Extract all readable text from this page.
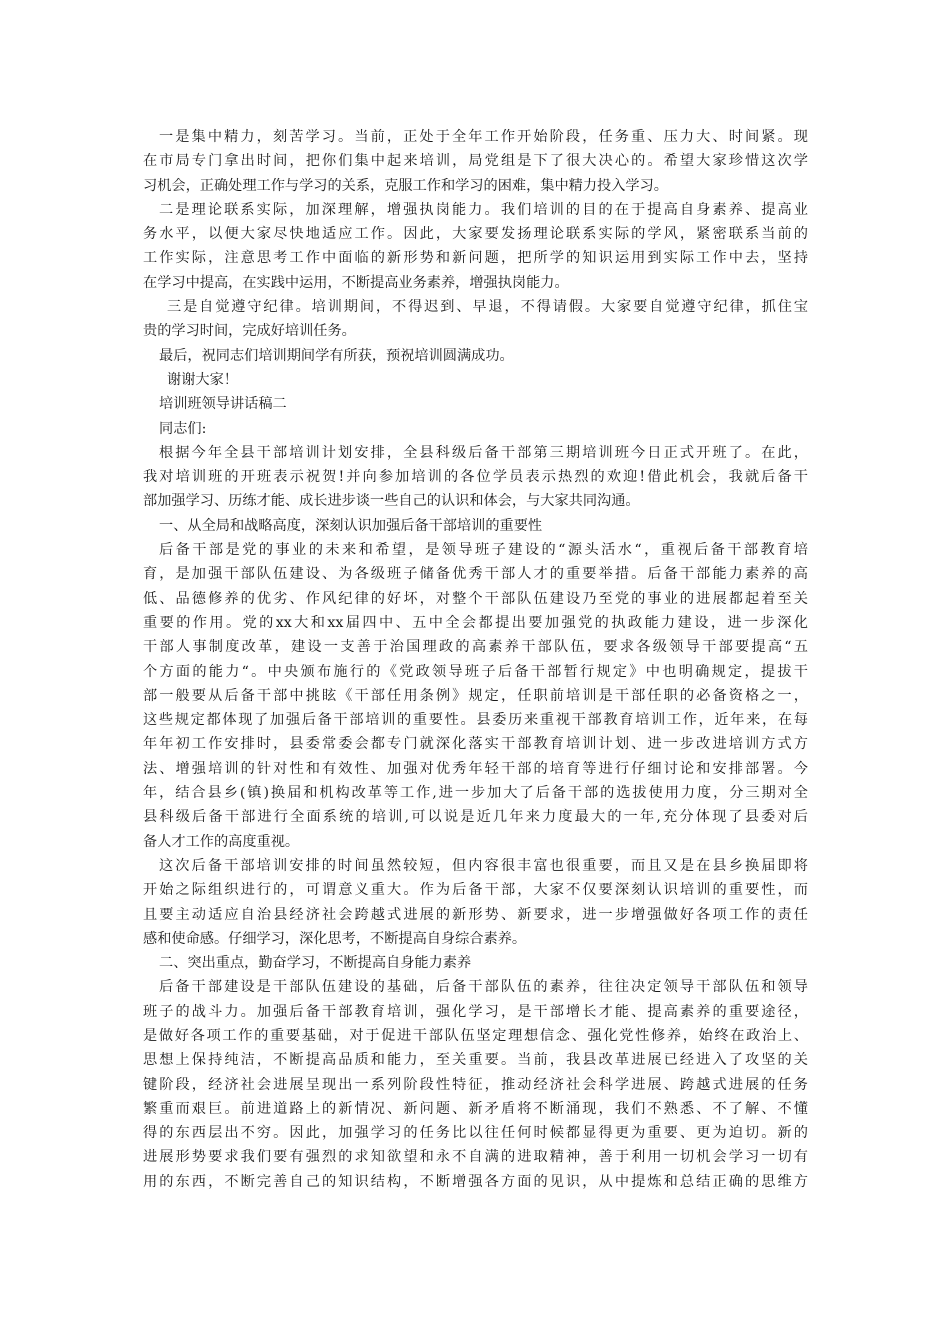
一是集中精力，刻苦学习。当前，正处于全年工作开始阶段，任务重、压力大、时间紧。现
在市局专门拿出时间，把你们集中起来培训，局党组是下了很大决心的。希望大家珍惜这次学
习机会，正确处理工作与学习的关系，克服工作和学习的困难，集中精力投入学习。
二是理论联系实际，加深理解，增强执岗能力。我们培训的目的在于提高自身素养、提高业
务水平，以便大家尽快地适应工作。因此，大家要发扬理论联系实际的学风，紧密联系当前的
工作实际，注意思考工作中面临的新形势和新问题，把所学的知识运用到实际工作中去，坚持
在学习中提高，在实践中运用，不断提高业务素养，增强执岗能力。
三是自觉遵守纪律。培训期间，不得迟到、早退，不得请假。大家要自觉遵守纪律，抓住宝
贵的学习时间，完成好培训任务。
最后，祝同志们培训期间学有所获，预祝培训圆满成功。
谢谢大家！
培训班领导讲话稿二
同志们:
根据今年全县干部培训计划安排，全县科级后备干部第三期培训班今日正式开班了。在此，
我对培训班的开班表示祝贺!并向参加培训的各位学员表示热烈的欢迎!借此机会，我就后备干
部加强学习、历练才能、成长进步谈一些自己的认识和体会，与大家共同沟通。
一、从全局和战略高度，深刻认识加强后备干部培训的重要性
后备干部是党的事业的未来和希望，是领导班子建设的“源头活水“，重视后备干部教育培
育，是加强干部队伍建设、为各级班子储备优秀干部人才的重要举措。后备干部能力素养的高
低、品德修养的优劣、作风纪律的好坏，对整个干部队伍建设乃至党的事业的进展都起着至关
重要的作用。党的xx大和xx届四中、五中全会都提出要加强党的执政能力建设，进一步深化
干部人事制度改革，建设一支善于治国理政的高素养干部队伍，要求各级领导干部要提高“五
个方面的能力“。中央颁布施行的《党政领导班子后备干部暂行规定》中也明确规定，提拔干
部一般要从后备干部中挑眩《干部任用条例》规定，任职前培训是干部任职的必备资格之一，
这些规定都体现了加强后备干部培训的重要性。县委历来重视干部教育培训工作，近年来，在每
年年初工作安排时，县委常委会都专门就深化落实干部教育培训计划、进一步改进培训方式方
法、增强培训的针对性和有效性、加强对优秀年轻干部的培育等进行仔细讨论和安排部署。今
年，结合县乡(镇)换届和机构改革等工作,进一步加大了后备干部的选拔使用力度，分三期对全
县科级后备干部进行全面系统的培训,可以说是近几年来力度最大的一年,充分体现了县委对后
备人才工作的高度重视。
这次后备干部培训安排的时间虽然较短，但内容很丰富也很重要，而且又是在县乡换届即将
开始之际组织进行的，可谓意义重大。作为后备干部，大家不仅要深刻认识培训的重要性，而
且要主动适应自治县经济社会跨越式进展的新形势、新要求，进一步增强做好各项工作的责任
感和使命感。仔细学习，深化思考，不断提高自身综合素养。
二、突出重点，勤奋学习，不断提高自身能力素养
后备干部建设是干部队伍建设的基础，后备干部队伍的素养，往往决定领导干部队伍和领导
班子的战斗力。加强后备干部教育培训，强化学习，是干部增长才能、提高素养的重要途径，
是做好各项工作的重要基础，对于促进干部队伍坚定理想信念、强化党性修养，始终在政治上、
思想上保持纯洁，不断提高品质和能力，至关重要。当前，我县改革进展已经进入了攻坚的关
键阶段，经济社会进展呈现出一系列阶段性特征，推动经济社会科学进展、跨越式进展的任务
繁重而艰巨。前进道路上的新情况、新问题、新矛盾将不断涌现，我们不熟悉、不了解、不懂
得的东西层出不穷。因此，加强学习的任务比以往任何时候都显得更为重要、更为迫切。新的
进展形势要求我们要有强烈的求知欲望和永不自满的进取精神，善于利用一切机会学习一切有
用的东西，不断完善自己的知识结构，不断增强各方面的见识，从中提炼和总结正确的思维方
